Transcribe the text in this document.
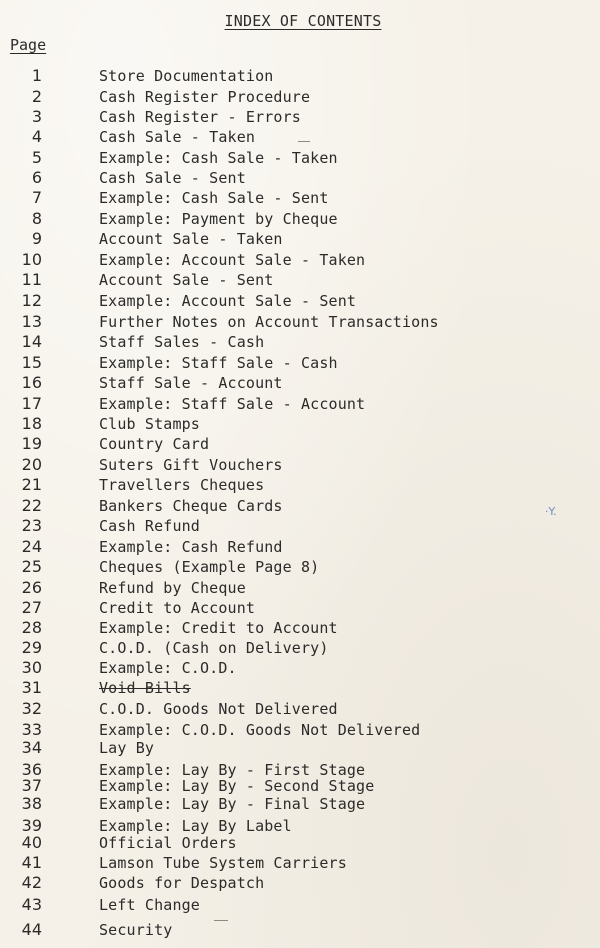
INDEX OF CONTENTS
Page
1	Store Documentation
2	Cash Register Procedure
3	Cash Register - Errors
4	Cash Sale - Taken
5	Example: Cash Sale - Taken
6	Cash Sale - Sent
7	Example: Cash Sale - Sent
8	Example: Payment by Cheque
9	Account Sale - Taken
10	Example: Account Sale - Taken
11	Account Sale - Sent
12	Example: Account Sale - Sent
13	Further Notes on Account Transactions
14	Staff Sales - Cash
15	Example: Staff Sale - Cash
16	Staff Sale - Account
17	Example: Staff Sale - Account
18	Club Stamps
19	Country Card
20	Suters Gift Vouchers
21	Travellers Cheques
22	Bankers Cheque Cards
23	Cash Refund
24	Example: Cash Refund
25	Cheques (Example Page 8)
26	Refund by Cheque
27	Credit to Account
28	Example: Credit to Account
29	C.O.D. (Cash on Delivery)
30	Example: C.O.D.
31	Void Bills
32	C.O.D. Goods Not Delivered
33	Example: C.O.D. Goods Not Delivered
34	Lay By
36	Example: Lay By - First Stage
37	Example: Lay By - Second Stage
38	Example: Lay By - Final Stage
39	Example: Lay By Label
40	Official Orders
41	Lamson Tube System Carriers
42	Goods for Despatch
43	Left Change
44	Security
·Y.
